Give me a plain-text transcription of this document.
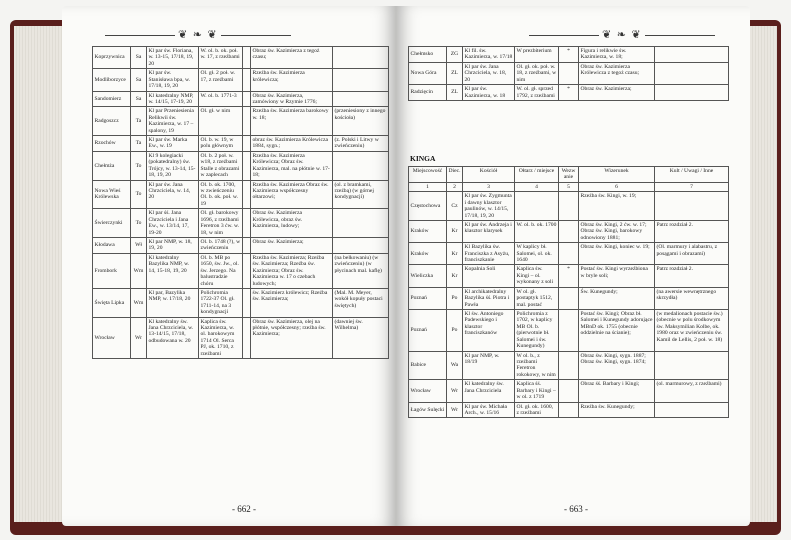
❦ ❧ ❦
Koprzywnica	Sa	Kl par św. Floriana, w. 13-15, 17/18, 19, 20	W. ol. b. ok. poł. w. 17, z rzeźbami		Obraz św. Kazimierza z tegoż czasu;	
Modliborzyce	Sa	Kl par św. Stanisława bpa, w. 17/18, 19, 20	Ol. gł. 2 poł. w. 17, z rzeźbami		Rzeźba św. Kazimierza królewicza;	
Sandomierz	Sa	Kl katedralny NMP, w. 14/15, 17-19, 20	W. ol. b. 1771-3		Obraz św. Kazimierza, zamówiony w Rzymie 1776;	
Radgoszcz	Ta	Kl par Przeniesienia Relikwii św. Kazimierza, w. 17 – spalony, 19	Ol. gł. w nim		Rzeźba św. Kazimierza barokowy w. 18;	(przeniesiony z innego kościoła)
Rzochów	Ta	Kl par św. Marka Ew., w. 19	Ol. b. w. 19, w polu głównym		obraz św. Kazimierza Królewicza 1884, sygn.;	(z. Polski i Litwy w zwieńczeniu)
Chełmża	To	Kl 9 kolegiacki (pokatedralny) św. Trójcy, w. 13-14, 15-18, 19, 20	Ol. b. 2 poł. w. w18, z rzeźbami Stalle z obrazami w zaplecach		Rzeźba św. Kazimierza Królewicza; Obraz św. Kazimierza, mal. na płótnie w. 17-18;	
Nowa Wieś Królewska	To	Kl par św. Jana Chrzciciela, w. 14, 20	Ol. b. ok. 1700, w zwieńczeniu Ol. b. ok. poł. w. 19		Rzeźba św. Kazimierza Obraz św. Kazimierza współczesny ołtarzowi;	(ol. z bramkami, rzeźbą) (w górnej kondygnacji)
Świerczynki	To	Kl par śś. Jana Chrzciciela i Jana Ew., w. 13/14, 17, 19-20	Ol. gł. barokowy 1696, z rzeźbami Feretron 3 ćw. w. 18, w nim		Obraz św. Kazimierza Królewicza, obraz św. Kazimierza, ludowy;	
Kłodawa	Wł	Kl par NMP, w. 18, 19, 20	Ol. b. 1748 (?), w zwieńczeniu		Obraz św. Kazimierza;	
Frombork	Wm	Kl katedralny Bazylika NMP, w. 14, 15-18, 19, 20	Ol. b. MB po 1650, św. Jw., ol. św. Jerzego. Na balustradzie chóru		Rzeźba św. Kazimierza; Rzeźba św. Kazimierza; Rzeźba św. Kazimierza; Obraz św. Kazimierza w. 17 o czebach ludowych;	(na belkowaniu) (w zwieńczeniu) (w płycinach mal. kaflę)
Święta Lipka	Wm	Kl par, Bazylika NMP, w. 17/18, 20	Polichromia 1722-37 Ol. gł. 1711-14, na 3 kondygnacji		św. Kazimierz królewicz; Rzeźba św. Kazimierza;	(Mal. M. Meyer, wokół kopuły postaci świętych)
Wrocław	Wr	Kl katedralny św. Jana Chrzciciela, w. 13-14/15, 17/18, odbudowana w. 20	Kaplica św. Kazimierza, w. ol. barokowym 1714 Ol. Serca PJ, ok. 1710, z rzeźbami		Obraz św. Kazimierza, olej na płótnie, współczesny; rzeźba św. Kazimierza;	(dawniej św. Wilhelma)
- 662 -
❦ ❧ ❦
Chełmsko	ZG	Kl fil. św. Kazimierza, w. 17/18	W prezbiterium	*	Figura i relikwie św. Kazimierza, w. 18;	
Nowa Góra	ZL	Kl par św. Jana Chrzciciela, w. 18, 20	Ol. gł. ok. poł. w. 18, z rzeźbami, w nim		Obraz św. Kazimierza Królewicza z tegoż czasu;	
Radzięcin	ZL	Kl par św. Kazimierza, w. 18	W. ol. gł. sprzed 1792, z rzeźbami	*	Obraz św. Kazimierza;	
KINGA
Miejscowość	Diec.	Kościół	Ołtarz / miejsce	Wezwanie	Wizerunek	Kult / Uwagi / Inne
1	2	3	4	5	6	7
Częstochowa	Cz	Kl par św. Zygmunta i dawny klasztor paulinów, w. 14/15, 17/18, 19, 20			Rzeźba św. Kingi, w. 19;	
Kraków	Kr	Kl par św. Andrzeja i klasztor klarysek	W. ol. b. ok. 1700		Obraz św. Kingi, 2 ćw. w. 17; Obraz św. Kingi, barokowy odnowiony 1881;	Patrz rozdział 2.
Kraków	Kr	Kl Bazylika św. Franciszka z Asyżu, franciszkanie	W kaplicy bł. Salomei, ol. ok. 1640		Obraz św. Kingi, koniec w. 19;	(Ol. marmury i alabastru, z posągami i obrazami)
Wieliczka	Kr	Kopalnia Soli	Kaplica św. Kingi – ol. wykonany z soli	*	Postać św. Kingi wyrzeźbiona w bryle soli;	Patrz rozdział 2.
Poznań	Po	Kl archikatedralny Bazylika śś. Piotra i Pawła	W ol. gł. postaptyk 1512, mal. postać		Św. Kunegundy;	(na awersie wewnętrznego skrzydła)
Poznań	Po	Kl św. Antoniego Padewskiego i klasztor franciszkanów	Polichromia z 1702, w kaplicy MB Ol. b. (pierwotnie bł. Salomei i św. Kunegundy)		Postać św. Kingi; Obraz bł. Salomei i Kunegundy adorujące MBnD ok. 1755 (obecnie oddzielnie na ścianie);	(w medalionach postacie św.) (obecnie w polu środkowym św. Maksymilian Kolbe, ok. 1980 oraz w zwieńczeniu św. Kamil de Lellis, 2 poł. w. 18)
Babice	Wa	Kl par NMP, w. 18/19	W ol. b., z rzeźbami Feretron rokokowy, w nim		Obraz św. Kingi, sygn. 1887; Obraz św. Kingi, sygn. 1874;	
Wrocław	Wr	Kl katedralny św. Jana Chrzciciela	Kaplica śś. Barbary i Kingi – w ol. z 1719		Obraz śś. Barbary i Kingi;	(ol. marmurowy, z rzeźbami)
Łagów Sulęcki	Wr	Kl par św. Michała Arch., w. 15/16	Ol. gł. ok. 1600, z rzeźbami		Rzeźba św. Kunegundy;	
- 663 -
